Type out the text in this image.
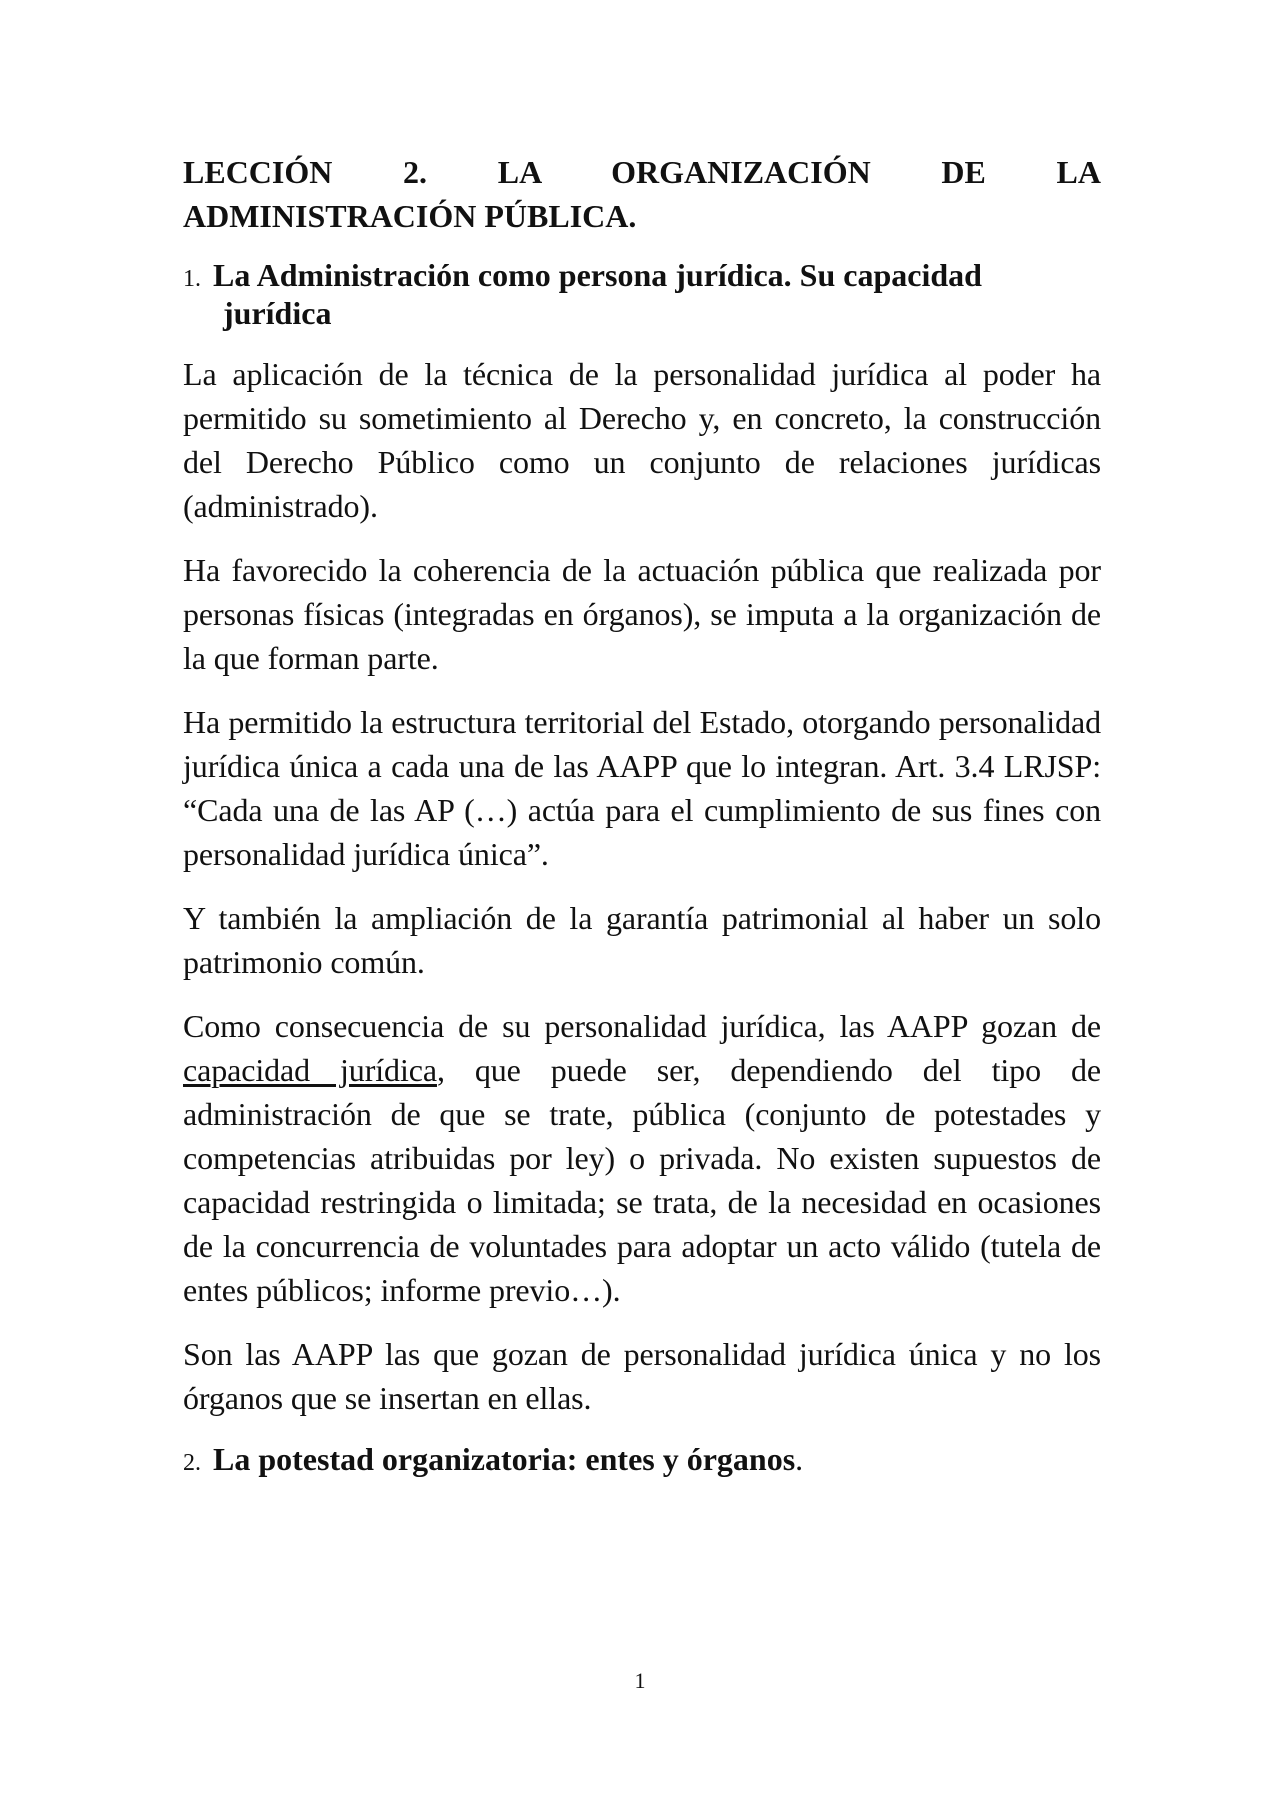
LECCIÓN 2. LA ORGANIZACIÓN DE LA
ADMINISTRACIÓN PÚBLICA.
1. La Administración como persona jurídica. Su capacidad
jurídica

La aplicación de la técnica de la personalidad jurídica al poder ha permitido su sometimiento al Derecho y, en concreto, la construcción del Derecho Público como un conjunto de relaciones jurídicas (administrado).

Ha favorecido la coherencia de la actuación pública que realizada por personas físicas (integradas en órganos), se imputa a la organización de la que forman parte.

Ha permitido la estructura territorial del Estado, otorgando personalidad jurídica única a cada una de las AAPP que lo integran. Art. 3.4 LRJSP: “Cada una de las AP (…) actúa para el cumplimiento de sus fines con personalidad jurídica única”.

Y también la ampliación de la garantía patrimonial al haber un solo patrimonio común.

Como consecuencia de su personalidad jurídica, las AAPP gozan de capacidad jurídica, que puede ser, dependiendo del tipo de administración de que se trate, pública (conjunto de potestades y competencias atribuidas por ley) o privada. No existen supuestos de capacidad restringida o limitada; se trata, de la necesidad en ocasiones de la concurrencia de voluntades para adoptar un acto válido (tutela de entes públicos; informe previo…).

Son las AAPP las que gozan de personalidad jurídica única y no los órganos que se insertan en ellas.

2. La potestad organizatoria: entes y órganos.
1
